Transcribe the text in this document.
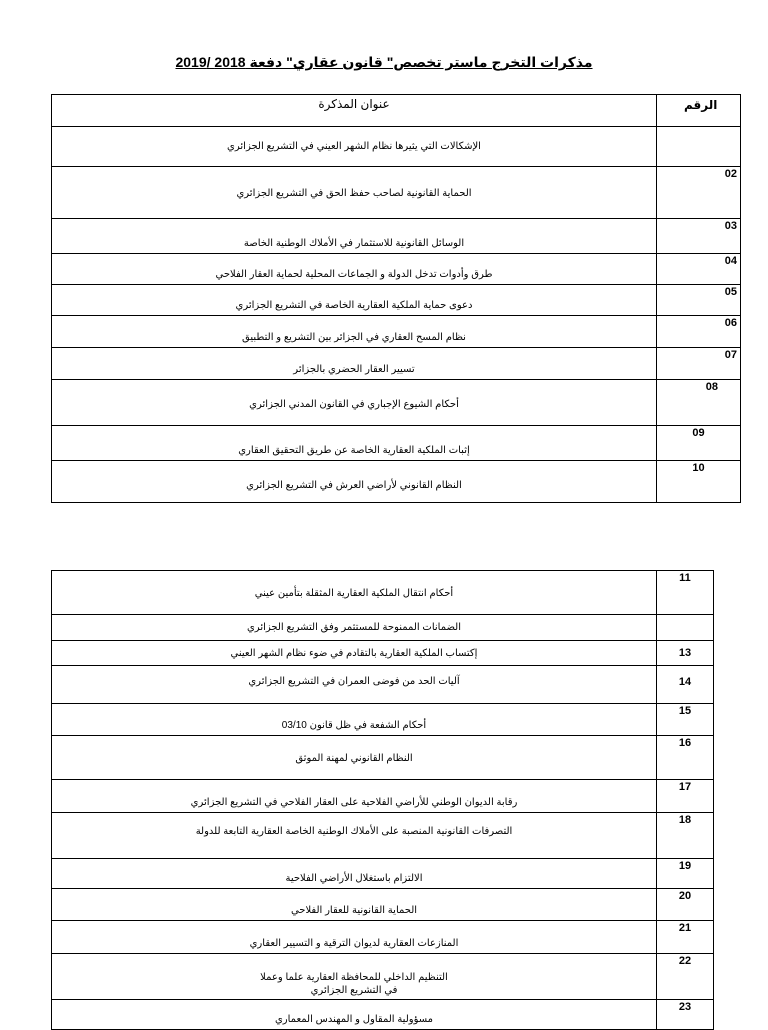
مذكرات التخرج ماستر تخصص" قانون عقاري" دفعة 2018 /2019
عنوان المذكرة	الرقم
الإشكالات التي يثيرها نظام الشهر العيني في التشريع الجزائري	
الحماية القانونية لصاحب حفظ الحق في التشريع الجزائري	02
الوسائل القانونية للاستثمار في الأملاك الوطنية الخاصة	03
طرق وأدوات تدخل الدولة و الجماعات المحلية لحماية العقار الفلاحي	04
دعوى حماية الملكية العقارية الخاصة في التشريع الجزائري	05
نظام المسح العقاري في الجزائر بين التشريع و التطبيق	06
تسيير العقار الحضري بالجزائر	07
أحكام الشيوع الإجباري في القانون المدني الجزائري	08
إثبات الملكية العقارية الخاصة عن طريق التحقيق العقاري	09
النظام القانوني لأراضي العرش في التشريع الجزائري	10
أحكام انتقال الملكية العقارية المثقلة بتأمين عيني	11
الضمانات الممنوحة للمستثمر وفق التشريع الجزائري	
إكتساب الملكية العقارية بالتقادم في ضوء نظام الشهر العيني	13
آليات الحد من فوضى العمران في التشريع الجزائري	14
أحكام الشفعة في ظل قانون 03/10	15
النظام القانوني لمهنة الموثق	16
رقابة الديوان الوطني للأراضي الفلاحية على العقار الفلاحي في التشريع الجزائري	17
التصرفات القانونية المنصبة على الأملاك الوطنية الخاصة العقارية التابعة للدولة	18
الالتزام باستغلال الأراضي الفلاحية	19
الحماية القانونية للعقار الفلاحي	20
المنازعات العقارية لديوان الترقية و التسيير العقاري	21

التنظيم الداخلي للمحافظة العقارية علما وعملا
في التشريع الجزائري	22
مسؤولية المقاول و المهندس المعماري	23
